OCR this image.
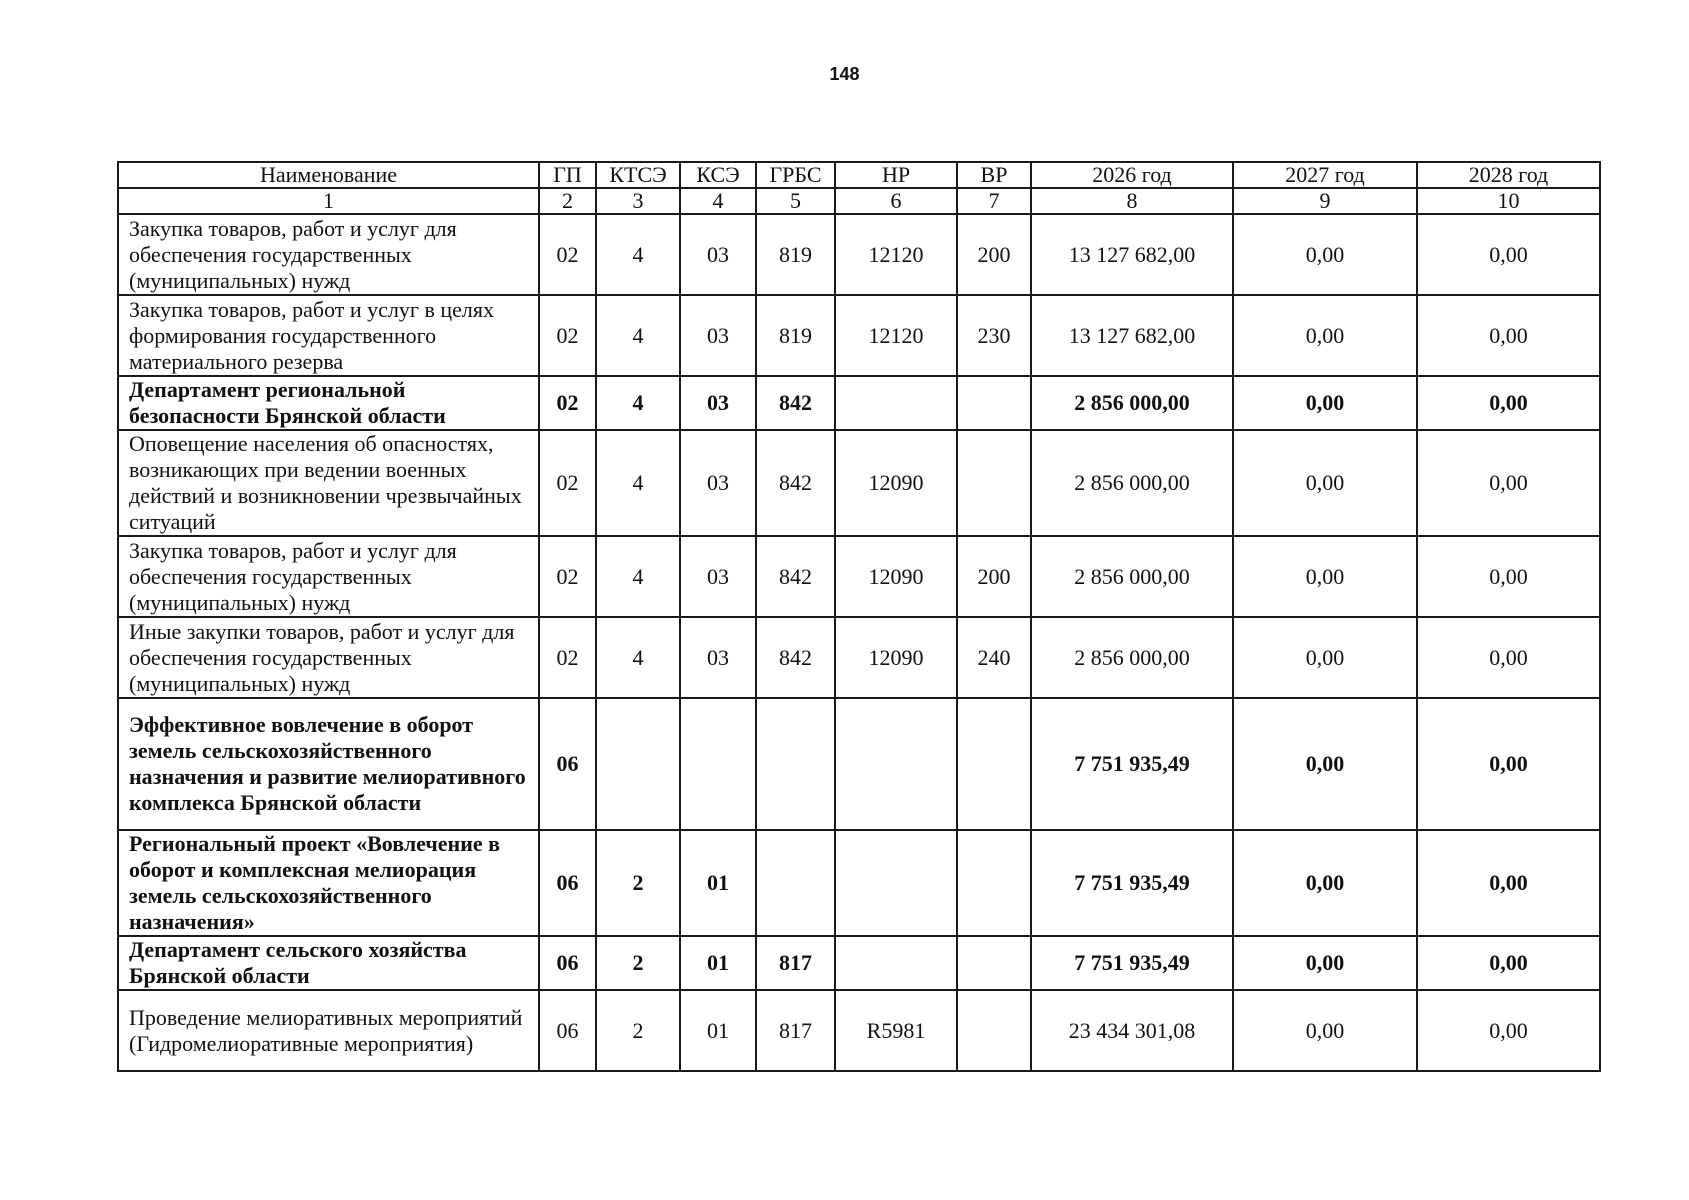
148
Наименование	ГП	КТСЭ	КСЭ	ГРБС	НР	ВР	2026 год	2027 год	2028 год
1	2	3	4	5	6	7	8	9	10
Закупка товаров, работ и услуг для обеспечения государственных (муниципальных) нужд	02	4	03	819	12120	200	13 127 682,00	0,00	0,00
Закупка товаров, работ и услуг в целях формирования государственного материального резерва	02	4	03	819	12120	230	13 127 682,00	0,00	0,00
Департамент региональной безопасности Брянской области	02	4	03	842			2 856 000,00	0,00	0,00
Оповещение населения об опасностях, возникающих при ведении военных действий и возникновении чрезвычайных ситуаций	02	4	03	842	12090		2 856 000,00	0,00	0,00
Закупка товаров, работ и услуг для обеспечения государственных (муниципальных) нужд	02	4	03	842	12090	200	2 856 000,00	0,00	0,00
Иные закупки товаров, работ и услуг для обеспечения государственных (муниципальных) нужд	02	4	03	842	12090	240	2 856 000,00	0,00	0,00
Эффективное вовлечение в оборот земель сельскохозяйственного назначения и развитие мелиоративного комплекса Брянской области	06						7 751 935,49	0,00	0,00
Региональный проект «Вовлечение в оборот и комплексная мелиорация земель сельскохозяйственного назначения»	06	2	01				7 751 935,49	0,00	0,00
Департамент сельского хозяйства Брянской области	06	2	01	817			7 751 935,49	0,00	0,00
Проведение мелиоративных мероприятий (Гидромелиоративные мероприятия)	06	2	01	817	R5981		23 434 301,08	0,00	0,00
